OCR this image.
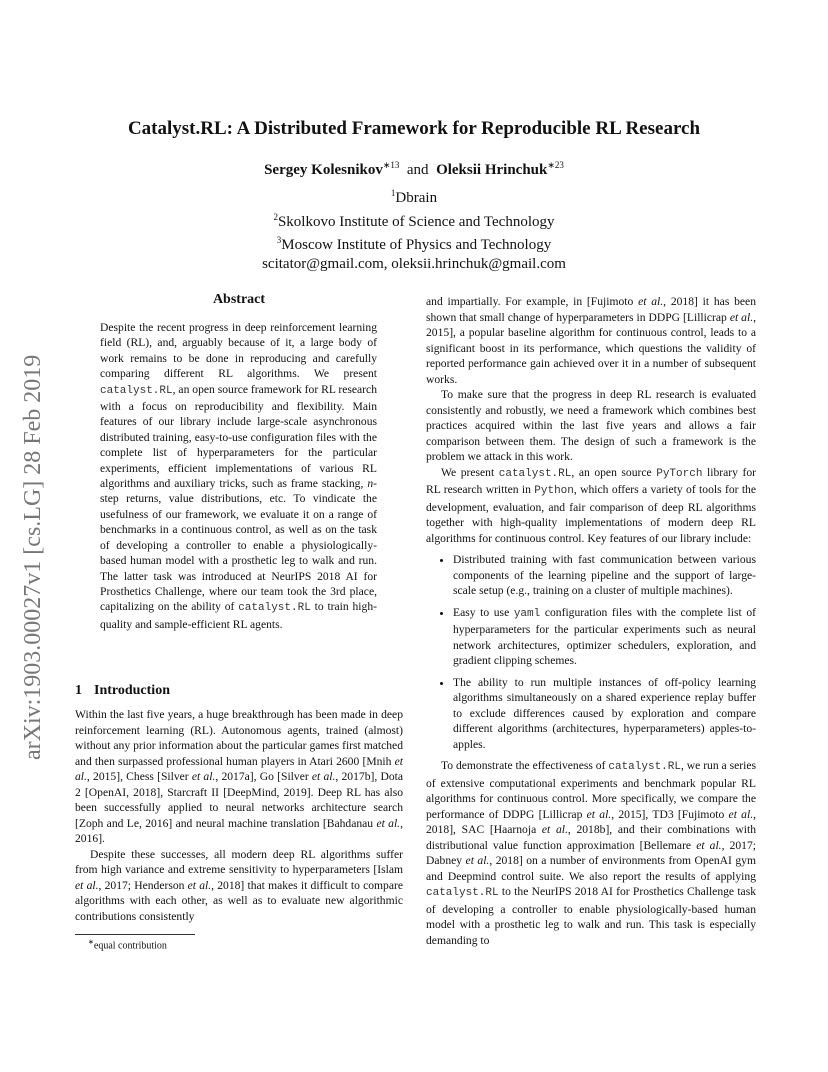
arXiv:1903.00027v1 [cs.LG] 28 Feb 2019
Catalyst.RL: A Distributed Framework for Reproducible RL Research
Sergey Kolesnikov$^{∗13}$ and Oleksii Hrinchuk$^{∗23}$
$^1$Dbrain
$^2$Skolkovo Institute of Science and Technology
$^3$Moscow Institute of Physics and Technology
scitator@gmail.com, oleksii.hrinchuk@gmail.com
Abstract
Despite the recent progress in deep reinforcement learning field (RL), and, arguably because of it, a large body of work remains to be done in reproducing and carefully comparing different RL algorithms. We present catalyst.RL, an open source framework for RL research with a focus on reproducibility and flexibility. Main features of our library include large-scale asynchronous distributed training, easy-to-use configuration files with the complete list of hyperparameters for the particular experiments, efficient implementations of various RL algorithms and auxiliary tricks, such as frame stacking, n-step returns, value distributions, etc. To vindicate the usefulness of our framework, we evaluate it on a range of benchmarks in a continuous control, as well as on the task of developing a controller to enable a physiologically-based human model with a prosthetic leg to walk and run. The latter task was introduced at NeurIPS 2018 AI for Prosthetics Challenge, where our team took the 3rd place, capitalizing on the ability of catalyst.RL to train high-quality and sample-efficient RL agents.
1 Introduction

Within the last five years, a huge breakthrough has been made in deep reinforcement learning (RL). Autonomous agents, trained (almost) without any prior information about the particular games first matched and then surpassed professional human players in Atari 2600 [Mnih et al., 2015], Chess [Silver et al., 2017a], Go [Silver et al., 2017b], Dota 2 [OpenAI, 2018], Starcraft II [DeepMind, 2019]. Deep RL has also been successfully applied to neural networks architecture search [Zoph and Le, 2016] and neural machine translation [Bahdanau et al., 2016].

Despite these successes, all modern deep RL algorithms suffer from high variance and extreme sensitivity to hyperparameters [Islam et al., 2017; Henderson et al., 2018] that makes it difficult to compare algorithms with each other, as well as to evaluate new algorithmic contributions consistently

and impartially. For example, in [Fujimoto et al., 2018] it has been shown that small change of hyperparameters in DDPG [Lillicrap et al., 2015], a popular baseline algorithm for continuous control, leads to a significant boost in its performance, which questions the validity of reported performance gain achieved over it in a number of subsequent works.

To make sure that the progress in deep RL research is evaluated consistently and robustly, we need a framework which combines best practices acquired within the last five years and allows a fair comparison between them. The design of such a framework is the problem we attack in this work.

We present catalyst.RL, an open source PyTorch library for RL research written in Python, which offers a variety of tools for the development, evaluation, and fair comparison of deep RL algorithms together with high-quality implementations of modern deep RL algorithms for continuous control. Key features of our library include:

• Distributed training with fast communication between various components of the learning pipeline and the support of large-scale setup (e.g., training on a cluster of multiple machines).
• Easy to use yaml configuration files with the complete list of hyperparameters for the particular experiments such as neural network architectures, optimizer schedulers, exploration, and gradient clipping schemes.
• The ability to run multiple instances of off-policy learning algorithms simultaneously on a shared experience replay buffer to exclude differences caused by exploration and compare different algorithms (architectures, hyperparameters) apples-to-apples.

To demonstrate the effectiveness of catalyst.RL, we run a series of extensive computational experiments and benchmark popular RL algorithms for continuous control. More specifically, we compare the performance of DDPG [Lillicrap et al., 2015], TD3 [Fujimoto et al., 2018], SAC [Haarnoja et al., 2018b], and their combinations with distributional value function approximation [Bellemare et al., 2017; Dabney et al., 2018] on a number of environments from OpenAI gym and Deepmind control suite. We also report the results of applying catalyst.RL to the NeurIPS 2018 AI for Prosthetics Challenge task of developing a controller to enable physiologically-based human model with a prosthetic leg to walk and run. This task is especially demanding to

∗equal contribution
